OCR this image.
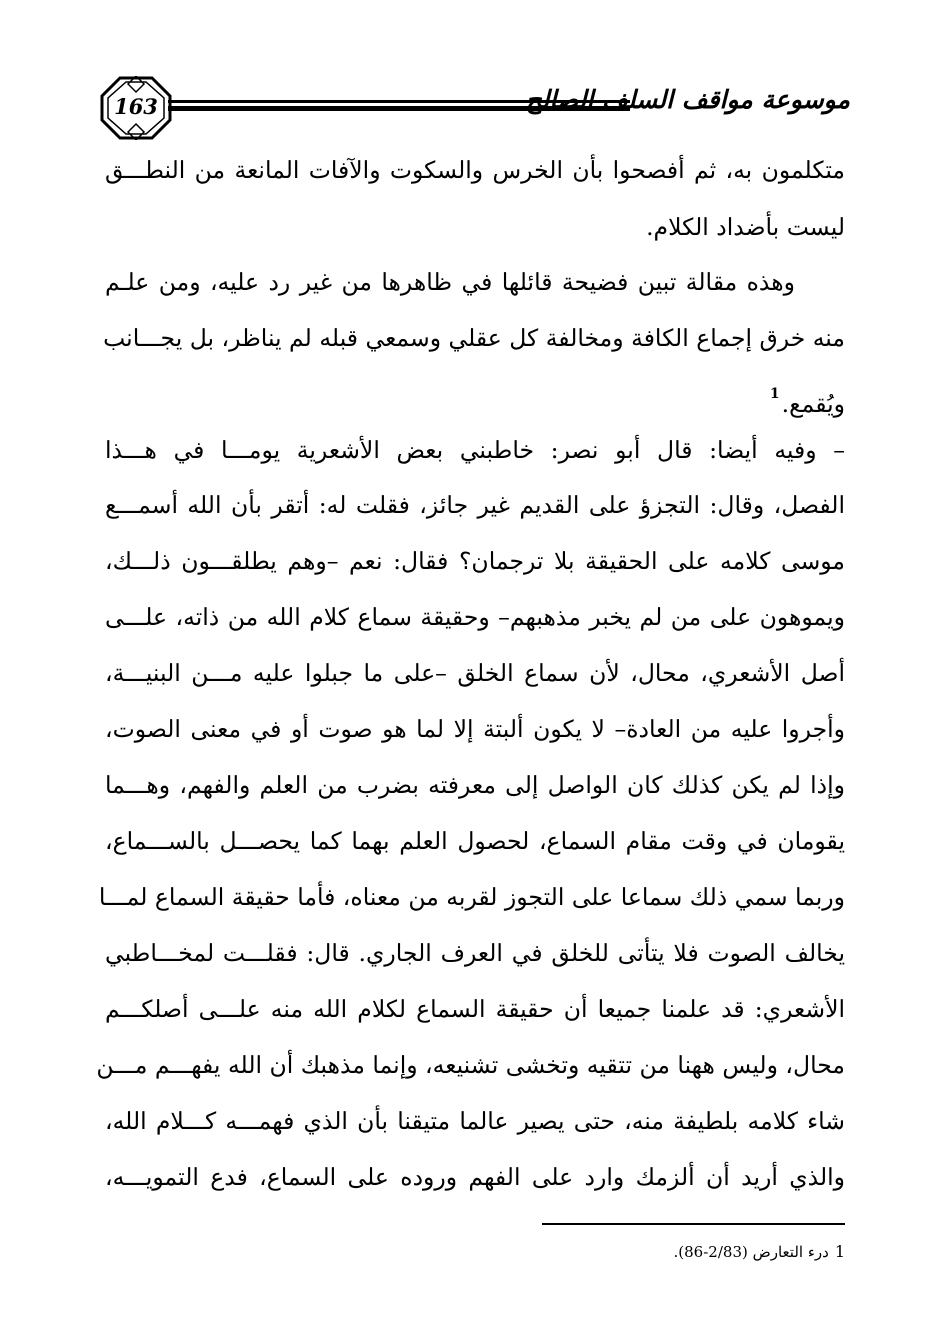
163	موسوعة مواقف السلف الصالح
متكلمون به، ثم أفصحوا بأن الخرس والسكوت والآفات المانعة من النطـــق
ليست بأضداد الكلام.
وهذه مقالة تبين فضيحة قائلها في ظاهرها من غير رد عليه، ومن علـم
منه خرق إجماع الكافة ومخالفة كل عقلي وسمعي قبله لم يناظر، بل يجـــانب
ويُقمع.$^1$
– وفيه أيضا: قال أبو نصر: خاطبني بعض الأشعرية يومـــا في هـــذا
الفصل، وقال: التجزؤ على القديم غير جائز، فقلت له: أتقر بأن الله أسمـــع
موسى كلامه على الحقيقة بلا ترجمان؟ فقال: نعم –وهم يطلقـــون ذلـــك،
ويموهون على من لم يخبر مذهبهم– وحقيقة سماع كلام الله من ذاته، علـــى
أصل الأشعري، محال، لأن سماع الخلق –على ما جبلوا عليه مـــن البنيـــة،
وأجروا عليه من العادة– لا يكون ألبتة إلا لما هو صوت أو في معنى الصوت،
وإذا لم يكن كذلك كان الواصل إلى معرفته بضرب من العلم والفهم، وهـــما
يقومان في وقت مقام السماع، لحصول العلم بهما كما يحصـــل بالســـماع،
وربما سمي ذلك سماعا على التجوز لقربه من معناه، فأما حقيقة السماع لمـــا
يخالف الصوت فلا يتأتى للخلق في العرف الجاري. قال: فقلـــت لمخـــاطبي
الأشعري: قد علمنا جميعا أن حقيقة السماع لكلام الله منه علـــى أصلكـــم
محال، وليس ههنا من تتقيه وتخشى تشنيعه، وإنما مذهبك أن الله يفهـــم مـــن
شاء كلامه بلطيفة منه، حتى يصير عالما متيقنا بأن الذي فهمـــه كـــلام الله،
والذي أريد أن ألزمك وارد على الفهم وروده على السماع، فدع التمويـــه،
1درء التعارض (2/83-86).
